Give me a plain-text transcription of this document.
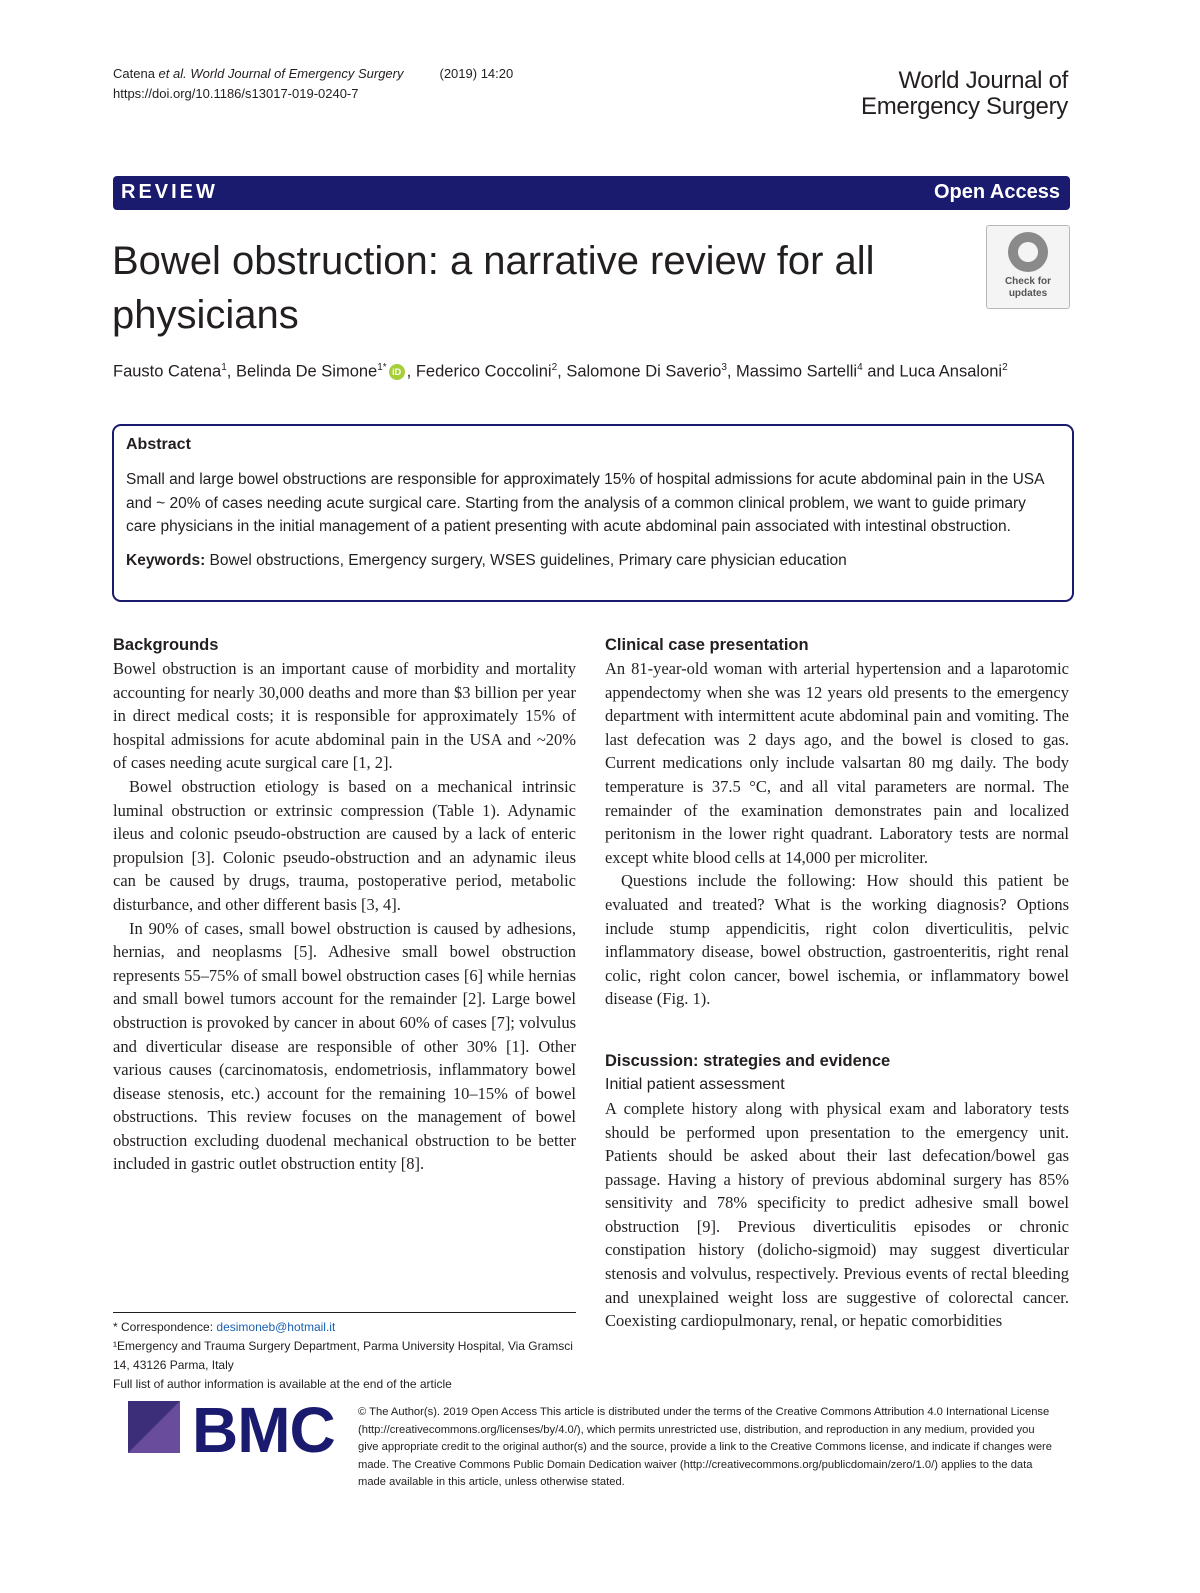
Catena et al. World Journal of Emergency Surgery	(2019) 14:20
https://doi.org/10.1186/s13017-019-0240-7	World Journal of
Emergency Surgery
REVIEW	Open Access
Bowel obstruction: a narrative review for all physicians
Check for updates
Fausto Catena$^1$, Belinda De Simone$^{1*}$ iD , Federico Coccolini$^2$, Salomone Di Saverio$^3$, Massimo Sartelli$^4$ and Luca Ansaloni$^2$
Abstract
Small and large bowel obstructions are responsible for approximately 15% of hospital admissions for acute abdominal pain in the USA and ~ 20% of cases needing acute surgical care. Starting from the analysis of a common clinical problem, we want to guide primary care physicians in the initial management of a patient presenting with acute abdominal pain associated with intestinal obstruction.
Keywords: Bowel obstructions, Emergency surgery, WSES guidelines, Primary care physician education
Backgrounds

Bowel obstruction is an important cause of morbidity and mortality accounting for nearly 30,000 deaths and more than $3 billion per year in direct medical costs; it is responsible for approximately 15% of hospital admissions for acute abdominal pain in the USA and ~20% of cases needing acute surgical care [1, 2].

Bowel obstruction etiology is based on a mechanical intrinsic luminal obstruction or extrinsic compression (Table 1). Adynamic ileus and colonic pseudo-obstruction are caused by a lack of enteric propulsion [3]. Colonic pseudo-obstruction and an adynamic ileus can be caused by drugs, trauma, postoperative period, metabolic disturbance, and other different basis [3, 4].

In 90% of cases, small bowel obstruction is caused by adhesions, hernias, and neoplasms [5]. Adhesive small bowel obstruction represents 55–75% of small bowel obstruction cases [6] while hernias and small bowel tumors account for the remainder [2]. Large bowel obstruction is provoked by cancer in about 60% of cases [7]; volvulus and diverticular disease are responsible of other 30% [1]. Other various causes (carcinomatosis, endometriosis, inflammatory bowel disease stenosis, etc.) account for the remaining 10–15% of bowel obstructions. This review focuses on the management of bowel obstruction excluding duodenal mechanical obstruction to be better included in gastric outlet obstruction entity [8].

Clinical case presentation

An 81-year-old woman with arterial hypertension and a laparotomic appendectomy when she was 12 years old presents to the emergency department with intermittent acute abdominal pain and vomiting. The last defecation was 2 days ago, and the bowel is closed to gas. Current medications only include valsartan 80 mg daily. The body temperature is 37.5 °C, and all vital parameters are normal. The remainder of the examination demonstrates pain and localized peritonism in the lower right quadrant. Laboratory tests are normal except white blood cells at 14,000 per microliter.

Questions include the following: How should this patient be evaluated and treated? What is the working diagnosis? Options include stump appendicitis, right colon diverticulitis, pelvic inflammatory disease, bowel obstruction, gastroenteritis, right renal colic, right colon cancer, bowel ischemia, or inflammatory bowel disease (Fig. 1).

Discussion: strategies and evidence
Initial patient assessment

A complete history along with physical exam and laboratory tests should be performed upon presentation to the emergency unit. Patients should be asked about their last defecation/bowel gas passage. Having a history of previous abdominal surgery has 85% sensitivity and 78% specificity to predict adhesive small bowel obstruction [9]. Previous diverticulitis episodes or chronic constipation history (dolicho-sigmoid) may suggest diverticular stenosis and volvulus, respectively. Previous events of rectal bleeding and unexplained weight loss are suggestive of colorectal cancer. Coexisting cardiopulmonary, renal, or hepatic comorbidities

* Correspondence: desimoneb@hotmail.it
¹Emergency and Trauma Surgery Department, Parma University Hospital, Via Gramsci 14, 43126 Parma, Italy
Full list of author information is available at the end of the article
BMC © The Author(s). 2019 Open Access This article is distributed under the terms of the Creative Commons Attribution 4.0 International License (http://creativecommons.org/licenses/by/4.0/), which permits unrestricted use, distribution, and reproduction in any medium, provided you give appropriate credit to the original author(s) and the source, provide a link to the Creative Commons license, and indicate if changes were made. The Creative Commons Public Domain Dedication waiver (http://creativecommons.org/publicdomain/zero/1.0/) applies to the data made available in this article, unless otherwise stated.
